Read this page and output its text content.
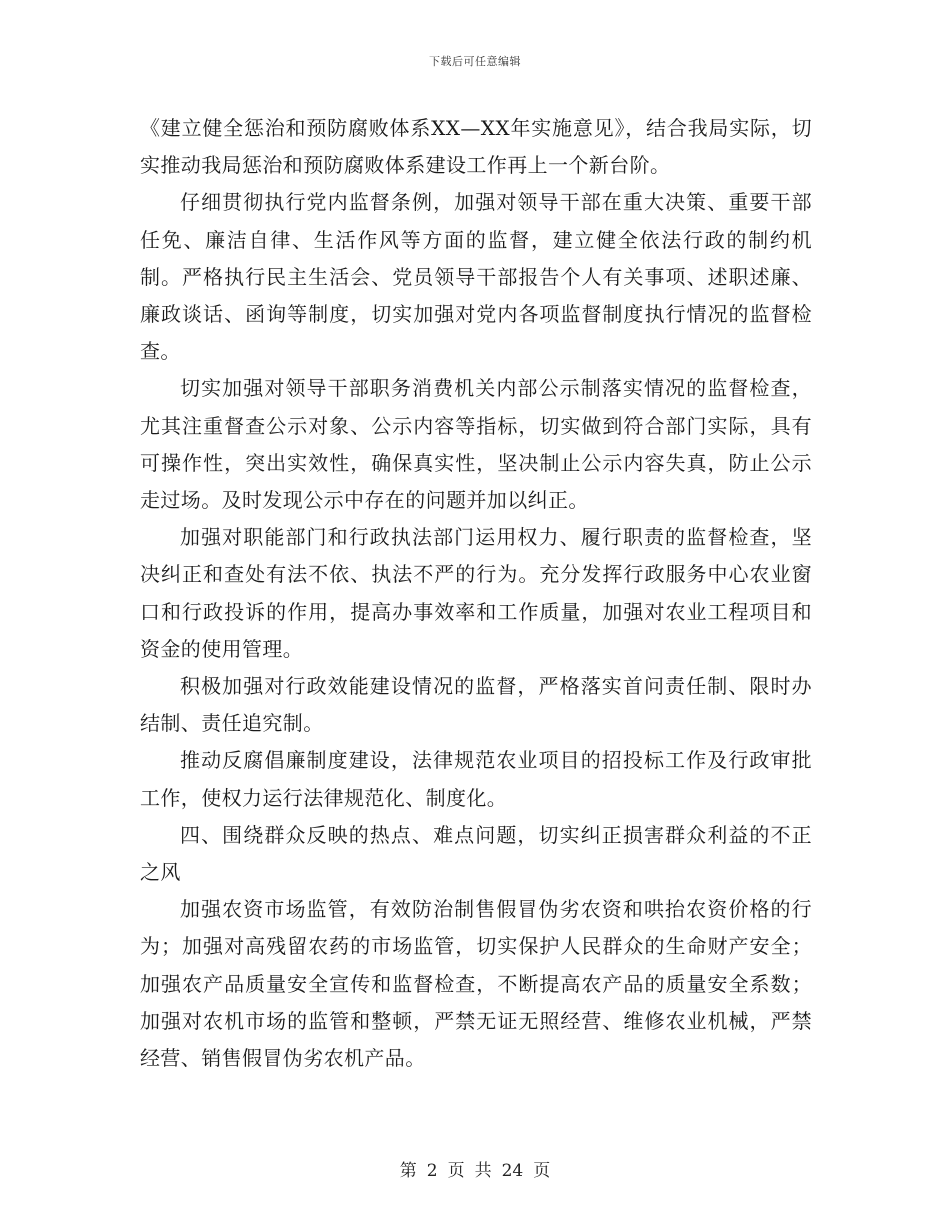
下载后可任意编辑

《建立健全惩治和预防腐败体系XX—XX年实施意见》，结合我局实际，切实推动我局惩治和预防腐败体系建设工作再上一个新台阶。

仔细贯彻执行党内监督条例，加强对领导干部在重大决策、重要干部任免、廉洁自律、生活作风等方面的监督，建立健全依法行政的制约机制。严格执行民主生活会、党员领导干部报告个人有关事项、述职述廉、廉政谈话、函询等制度，切实加强对党内各项监督制度执行情况的监督检查。

切实加强对领导干部职务消费机关内部公示制落实情况的监督检查，尤其注重督查公示对象、公示内容等指标，切实做到符合部门实际，具有可操作性，突出实效性，确保真实性，坚决制止公示内容失真，防止公示走过场。及时发现公示中存在的问题并加以纠正。

加强对职能部门和行政执法部门运用权力、履行职责的监督检查，坚决纠正和查处有法不依、执法不严的行为。充分发挥行政服务中心农业窗口和行政投诉的作用，提高办事效率和工作质量，加强对农业工程项目和资金的使用管理。

积极加强对行政效能建设情况的监督，严格落实首问责任制、限时办结制、责任追究制。

推动反腐倡廉制度建设，法律规范农业项目的招投标工作及行政审批工作，使权力运行法律规范化、制度化。

四、围绕群众反映的热点、难点问题，切实纠正损害群众利益的不正之风

加强农资市场监管，有效防治制售假冒伪劣农资和哄抬农资价格的行为；加强对高残留农药的市场监管，切实保护人民群众的生命财产安全；加强农产品质量安全宣传和监督检查，不断提高农产品的质量安全系数；加强对农机市场的监管和整顿，严禁无证无照经营、维修农业机械，严禁经营、销售假冒伪劣农机产品。

第 2 页 共 24 页
